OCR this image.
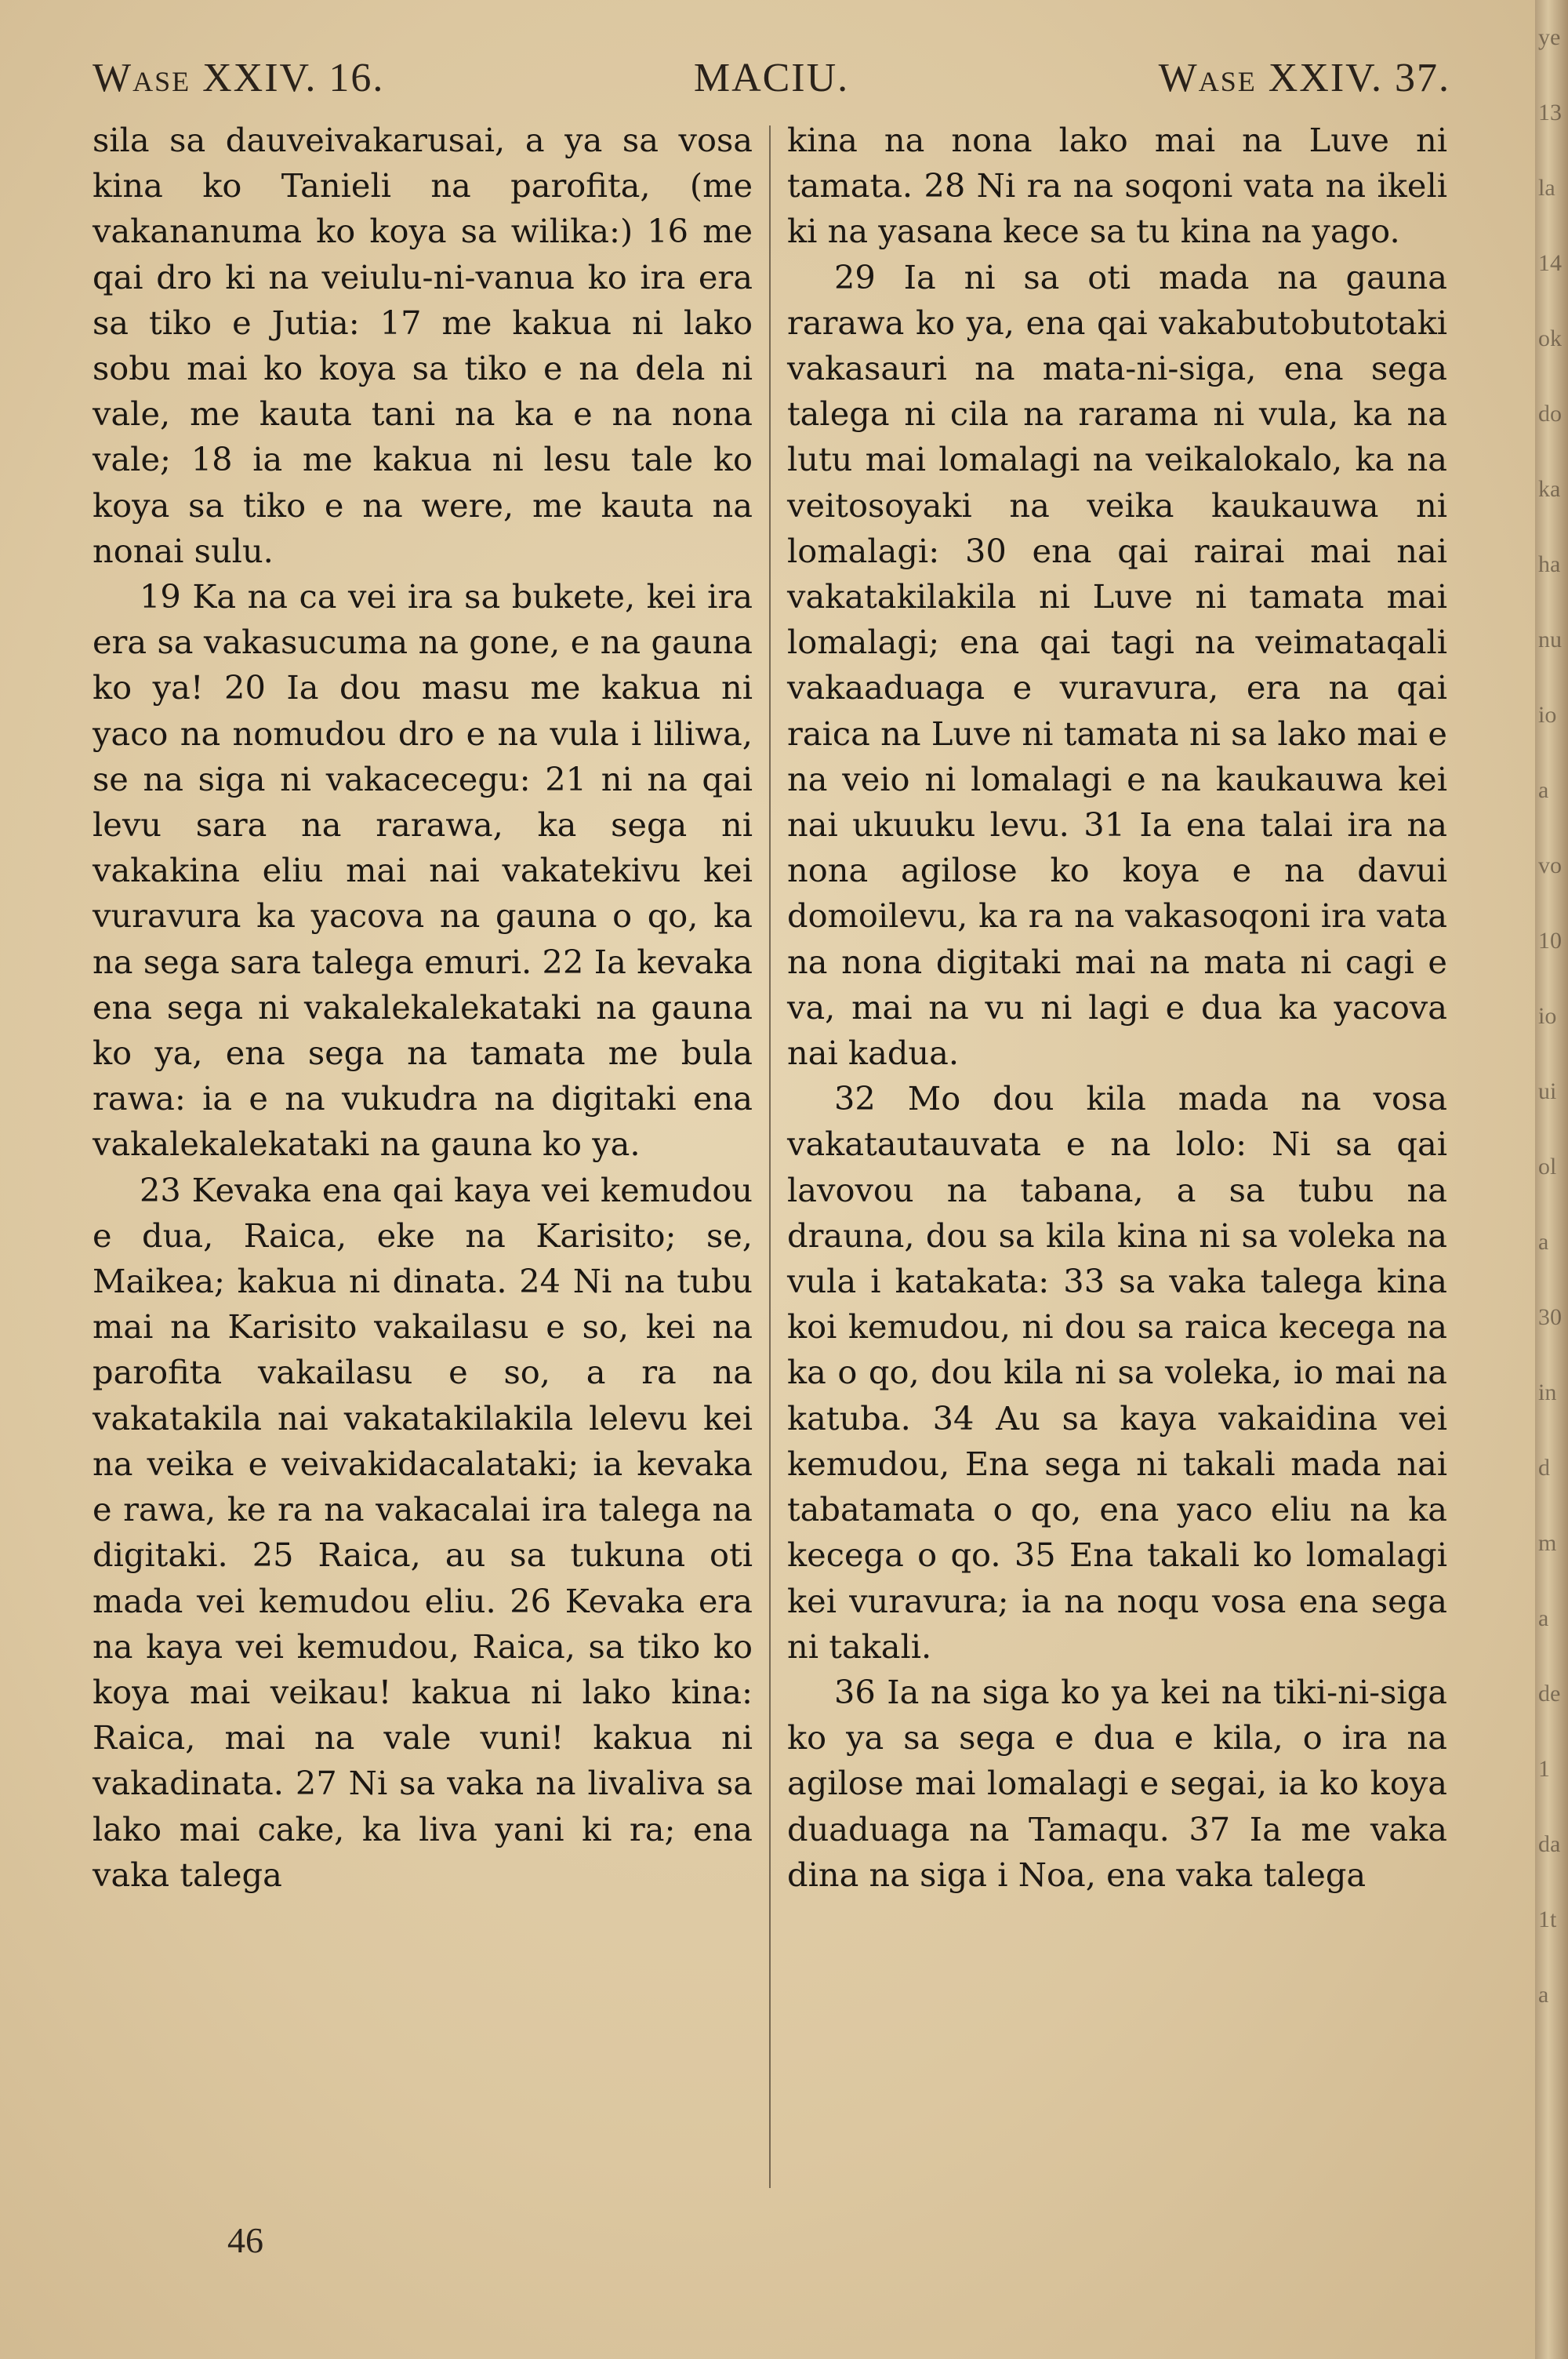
Wase XXIV. 16.	MACIU.	Wase XXIV. 37.

sila sa dauveivakarusai, a ya sa vosa kina ko Tanieli na parofita, (me vakananuma ko koya sa wilika:) 16 me qai dro ki na veiulu-ni-vanua ko ira era sa tiko e Jutia: 17 me kakua ni lako sobu mai ko koya sa tiko e na dela ni vale, me kauta tani na ka e na nona vale; 18 ia me kakua ni lesu tale ko koya sa tiko e na were, me kauta na nonai sulu.

19 Ka na ca vei ira sa bukete, kei ira era sa vakasucuma na gone, e na gauna ko ya! 20 Ia dou masu me kakua ni yaco na nomudou dro e na vula i liliwa, se na siga ni vakacecegu: 21 ni na qai levu sara na rarawa, ka sega ni vakakina eliu mai nai vakatekivu kei vuravura ka yacova na gauna o qo, ka na sega sara talega emuri. 22 Ia kevaka ena sega ni vakalekalekataki na gauna ko ya, ena sega na tamata me bula rawa: ia e na vukudra na digitaki ena vakalekalekataki na gauna ko ya.

23 Kevaka ena qai kaya vei kemudou e dua, Raica, eke na Karisito; se, Maikea; kakua ni dinata. 24 Ni na tubu mai na Karisito vakailasu e so, kei na parofita vakailasu e so, a ra na vakatakila nai vakatakilakila lelevu kei na veika e veivakidacalataki; ia kevaka e rawa, ke ra na vakacalai ira talega na digitaki. 25 Raica, au sa tukuna oti mada vei kemudou eliu. 26 Kevaka era na kaya vei kemudou, Raica, sa tiko ko koya mai veikau! kakua ni lako kina: Raica, mai na vale vuni! kakua ni vakadinata. 27 Ni sa vaka na livaliva sa lako mai cake, ka liva yani ki ra; ena vaka talega

kina na nona lako mai na Luve ni tamata. 28 Ni ra na soqoni vata na ikeli ki na yasana kece sa tu kina na yago.

29 Ia ni sa oti mada na gauna rarawa ko ya, ena qai vakabutobutotaki vakasauri na mata-ni-siga, ena sega talega ni cila na rarama ni vula, ka na lutu mai lomalagi na veikalokalo, ka na veitosoyaki na veika kaukauwa ni lomalagi: 30 ena qai rairai mai nai vakatakilakila ni Luve ni tamata mai lomalagi; ena qai tagi na veimataqali vakaaduaga e vuravura, era na qai raica na Luve ni tamata ni sa lako mai e na veio ni lomalagi e na kaukauwa kei nai ukuuku levu. 31 Ia ena talai ira na nona agilose ko koya e na davui domoilevu, ka ra na vakasoqoni ira vata na nona digitaki mai na mata ni cagi e va, mai na vu ni lagi e dua ka yacova nai kadua.

32 Mo dou kila mada na vosa vakatautauvata e na lolo: Ni sa qai lavovou na tabana, a sa tubu na drauna, dou sa kila kina ni sa voleka na vula i katakata: 33 sa vaka talega kina koi kemudou, ni dou sa raica kecega na ka o qo, dou kila ni sa voleka, io mai na katuba. 34 Au sa kaya vakaidina vei kemudou, Ena sega ni takali mada nai tabatamata o qo, ena yaco eliu na ka kecega o qo. 35 Ena takali ko lomalagi kei vuravura; ia na noqu vosa ena sega ni takali.

36 Ia na siga ko ya kei na tiki-ni-siga ko ya sa sega e dua e kila, o ira na agilose mai lomalagi e segai, ia ko koya duaduaga na Tamaqu. 37 Ia me vaka dina na siga i Noa, ena vaka talega

46
ye 13 la 14 ok do ka ha nu io a vo 10 io ui ola 30 ind m a de 1 da 1ta
